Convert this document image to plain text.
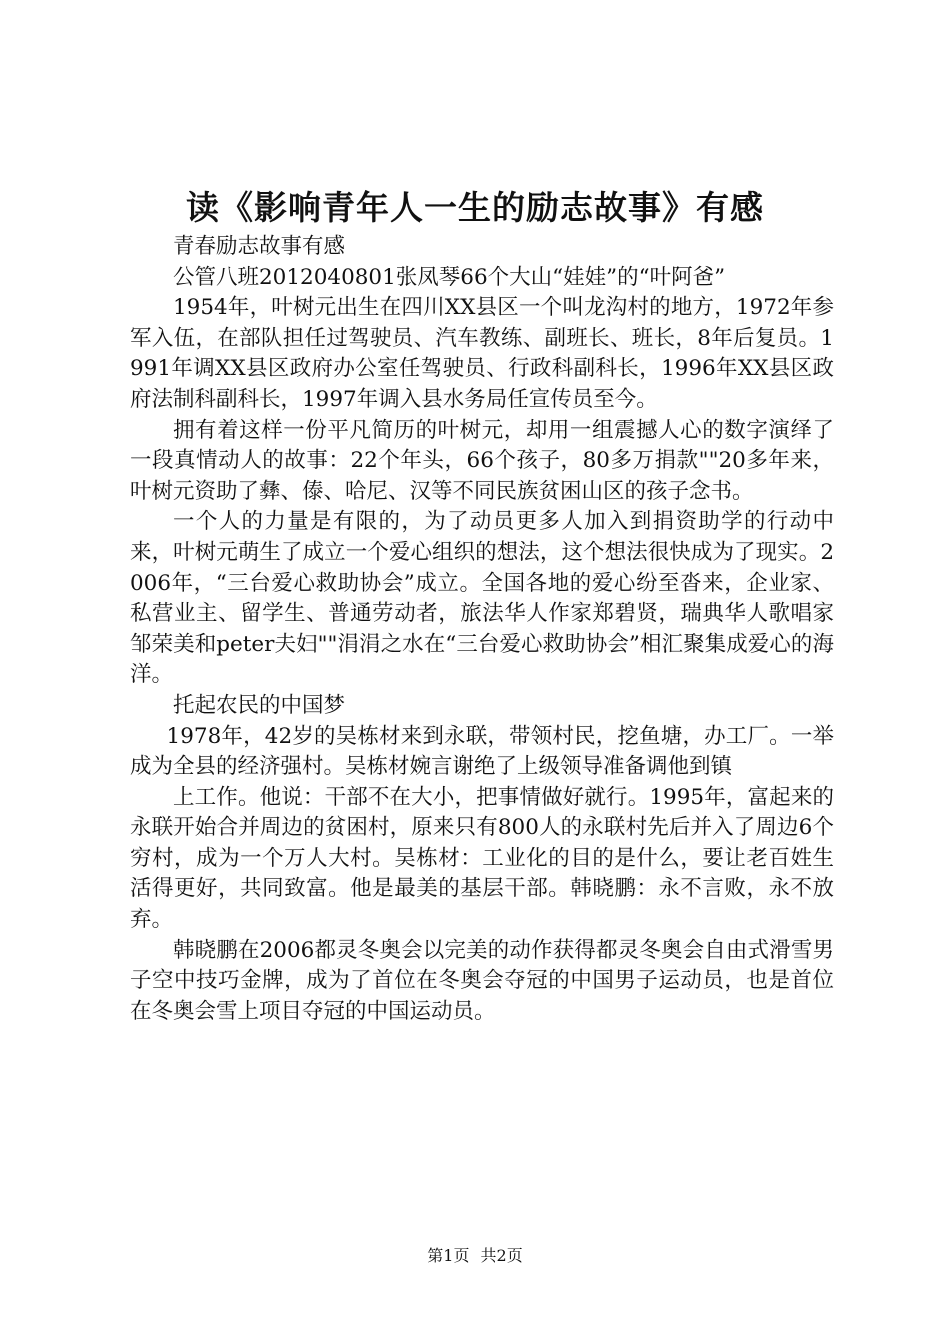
读《影响青年人一生的励志故事》有感

青春励志故事有感

公管八班2012040801张凤琴66个大山“娃娃”的“叶阿爸”

1954年，叶树元出生在四川XX县区一个叫龙沟村的地方，1972年参军入伍，在部队担任过驾驶员、汽车教练、副班长、班长，8年后复员。1991年调XX县区政府办公室任驾驶员、行政科副科长，1996年XX县区政府法制科副科长，1997年调入县水务局任宣传员至今。

拥有着这样一份平凡简历的叶树元，却用一组震撼人心的数字演绎了一段真情动人的故事：22个年头，66个孩子，80多万捐款""20多年来，叶树元资助了彝、傣、哈尼、汉等不同民族贫困山区的孩子念书。

一个人的力量是有限的，为了动员更多人加入到捐资助学的行动中来，叶树元萌生了成立一个爱心组织的想法，这个想法很快成为了现实。2006年，“三台爱心救助协会”成立。全国各地的爱心纷至沓来，企业家、私营业主、留学生、普通劳动者，旅法华人作家郑碧贤，瑞典华人歌唱家邹荣美和peter夫妇""涓涓之水在“三台爱心救助协会”相汇聚集成爱心的海洋。

托起农民的中国梦

1978年，42岁的吴栋材来到永联，带领村民，挖鱼塘，办工厂。一举成为全县的经济强村。吴栋材婉言谢绝了上级领导准备调他到镇

上工作。他说：干部不在大小，把事情做好就行。1995年，富起来的永联开始合并周边的贫困村，原来只有800人的永联村先后并入了周边6个穷村，成为一个万人大村。吴栋材：工业化的目的是什么，要让老百姓生活得更好，共同致富。他是最美的基层干部。韩晓鹏：永不言败，永不放弃。

韩晓鹏在2006都灵冬奥会以完美的动作获得都灵冬奥会自由式滑雪男子空中技巧金牌，成为了首位在冬奥会夺冠的中国男子运动员，也是首位在冬奥会雪上项目夺冠的中国运动员。

第1页 共2页
